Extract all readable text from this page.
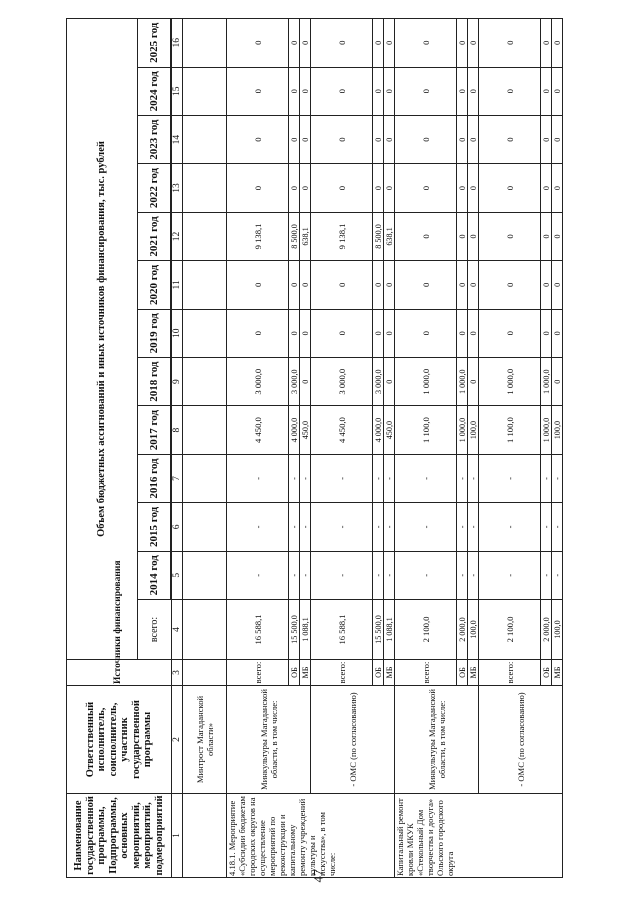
47
Наименование государственной программы, Подпрограммы, основных мероприятий, мероприятий, подмероприятий	Ответственный исполнитель, соисполнитель, участник государственной программы	Источники финансирования	Объем бюджетных ассигнований и иных источников финансирования, тыс. рублей												
			всего:	2014 год	2015 год	2016 год	2017 год	2018 год	2019 год	2020 год	2021 год	2022 год	2023 год	2024 год	2025 год

1	2	3	4	5	6	7	8	9	10	11	12	13	14	15	16
	Минтрост Магаданской области»														
4.18.1. Мероприятие «Субсидии бюджетам городских округов на осуществление мероприятий по реконструкции и капитальному ремонту учреждений культуры и искусства», в том числе:	Минкультуры Магаданской области, в том числе:	всего:	16 588,1	-	-	-	4 450,0	3 000,0	0	0	9 138,1	0	0	0	0
		ОБ	15 500,0	-	-	-	4 000,0	3 000,0	0	0	8 500,0	0	0	0	0
		МБ	1 088,1	-	-	-	450,0	0	0	0	638,1	0	0	0	0
	- ОМС (по согласованию)	всего:	16 588,1	-	-	-	4 450,0	3 000,0	0	0	9 138,1	0	0	0	0
		ОБ	15 500,0	-	-	-	4 000,0	3 000,0	0	0	8 500,0	0	0	0	0
		МБ	1 088,1	-	-	-	450,0	0	0	0	638,1	0	0	0	0
Капитальный ремонт кровли МКУК «Стекольный Дом творчества и досуга» Ольского городского округа	Минкультуры Магаданской области, в том числе:	всего:	2 100,0	-	-	-	1 100,0	1 000,0	0	0	0	0	0	0	0
		ОБ	2 000,0	-	-	-	1 000,0	1 000,0	0	0	0	0	0	0	0
		МБ	100,0	-	-	-	100,0	0	0	0	0	0	0	0	0
	- ОМС (по согласованию)	всего:	2 100,0	-	-	-	1 100,0	1 000,0	0	0	0	0	0	0	0
		ОБ	2 000,0	-	-	-	1 000,0	1 000,0	0	0	0	0	0	0	0
		МБ	100,0	-	-	-	100,0	0	0	0	0	0	0	0	0
